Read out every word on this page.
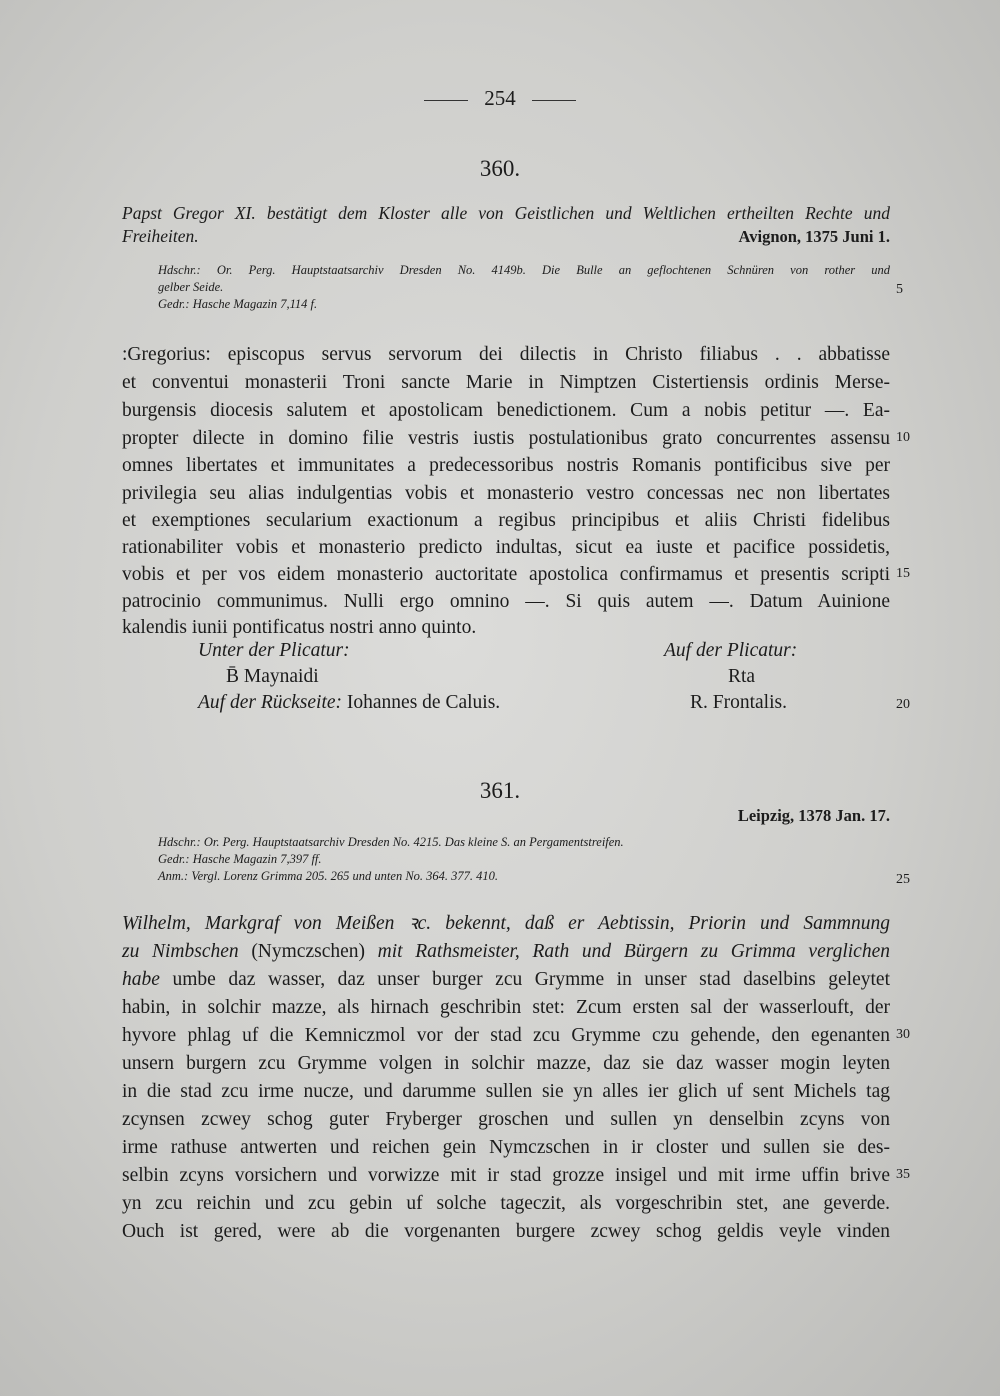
254
360.
Papst Gregor XI. bestätigt dem Kloster alle von Geistlichen und Weltlichen ertheilten Rechte und
Freiheiten.	Avignon, 1375 Juni 1.
Hdschr.: Or. Perg. Hauptstaatsarchiv Dresden No. 4149b. Die Bulle an geflochtenen Schnüren von rother und
gelber Seide.
Gedr.: Hasche Magazin 7,114 f.
5
:Gregorius: episcopus servus servorum dei dilectis in Christo filiabus . . abbatisse
et conventui monasterii Troni sancte Marie in Nimptzen Cistertiensis ordinis Merse-
burgensis diocesis salutem et apostolicam benedictionem. Cum a nobis petitur —. Ea-
propter dilecte in domino filie vestris iustis postulationibus grato concurrentes assensu 10
omnes libertates et immunitates a predecessoribus nostris Romanis pontificibus sive per
privilegia seu alias indulgentias vobis et monasterio vestro concessas nec non libertates
et exemptiones secularium exactionum a regibus principibus et aliis Christi fidelibus
rationabiliter vobis et monasterio predicto indultas, sicut ea iuste et pacifice possidetis,
vobis et per vos eidem monasterio auctoritate apostolica confirmamus et presentis scripti 15
patrocinio communimus. Nulli ergo omnino —. Si quis autem —. Datum Auinione
kalendis iunii pontificatus nostri anno quinto.
Unter der Plicatur:	Auf der Plicatur:
B̄ Maynaidi	Rta
Auf der Rückseite: Iohannes de Caluis.	R. Frontalis.	20
361.
Leipzig, 1378 Jan. 17.
Hdschr.: Or. Perg. Hauptstaatsarchiv Dresden No. 4215. Das kleine S. an Pergamentstreifen.
Gedr.: Hasche Magazin 7,397 ff.
Anm.: Vergl. Lorenz Grimma 205. 265 und unten No. 364. 377. 410.	25
Wilhelm, Markgraf von Meißen ꝛc. bekennt, daß er Aebtissin, Priorin und Sammnung
zu Nimbschen (Nymczschen) mit Rathsmeister, Rath und Bürgern zu Grimma verglichen
habe umbe daz wasser, daz unser burger zcu Grymme in unser stad daselbins geleytet
habin, in solchir mazze, als hirnach geschribin stet: Zcum ersten sal der wasserlouft, der
hyvore phlag uf die Kemniczmol vor der stad zcu Grymme czu gehende, den egenanten 30
unsern burgern zcu Grymme volgen in solchir mazze, daz sie daz wasser mogin leyten
in die stad zcu irme nucze, und darumme sullen sie yn alles ier glich uf sent Michels tag
zcynsen zcwey schog guter Fryberger groschen und sullen yn denselbin zcyns von
irme rathuse antwerten und reichen gein Nymczschen in ir closter und sullen sie des-
selbin zcyns vorsichern und vorwizze mit ir stad grozze insigel und mit irme uffin brive 35
yn zcu reichin und zcu gebin uf solche tageczit, als vorgeschribin stet, ane geverde.
Ouch ist gered, were ab die vorgenanten burgere zcwey schog geldis veyle vinden
